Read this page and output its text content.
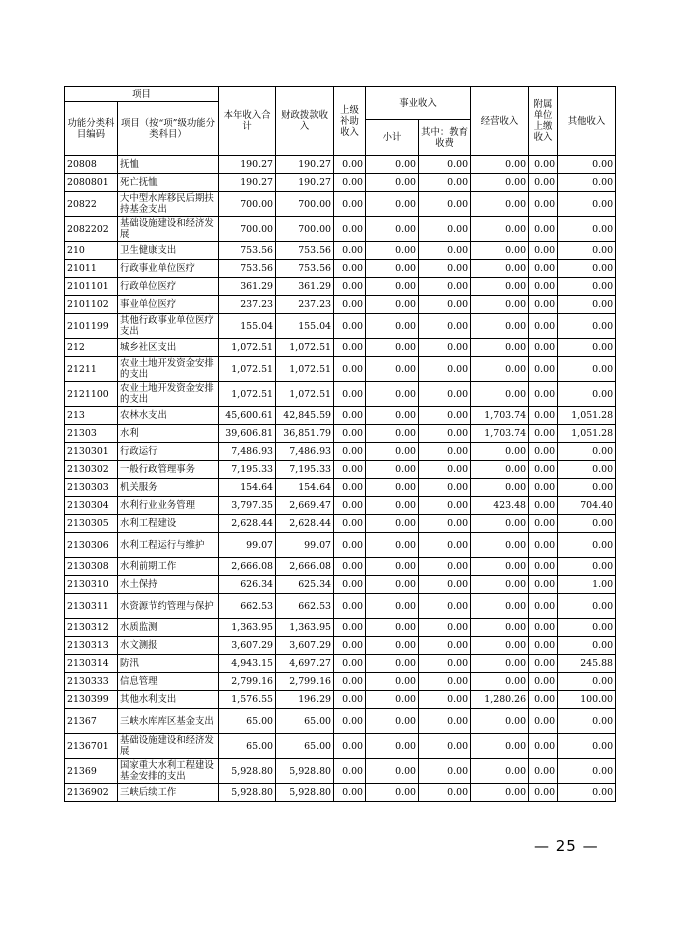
项目		本年收入合计	财政拨款收入	上级补助收入	事业收入		经营收入	附属单位上缴收入	其他收入
功能分类科目编码	项目（按“项”级功能分类科目）								
					小计	其中：教育收费			
20808	抚恤	190.27	190.27	0.00	0.00	0.00	0.00	0.00	0.00
2080801	死亡抚恤	190.27	190.27	0.00	0.00	0.00	0.00	0.00	0.00
20822	大中型水库移民后期扶持基金支出	700.00	700.00	0.00	0.00	0.00	0.00	0.00	0.00
2082202	基础设施建设和经济发展	700.00	700.00	0.00	0.00	0.00	0.00	0.00	0.00
210	卫生健康支出	753.56	753.56	0.00	0.00	0.00	0.00	0.00	0.00
21011	行政事业单位医疗	753.56	753.56	0.00	0.00	0.00	0.00	0.00	0.00
2101101	行政单位医疗	361.29	361.29	0.00	0.00	0.00	0.00	0.00	0.00
2101102	事业单位医疗	237.23	237.23	0.00	0.00	0.00	0.00	0.00	0.00
2101199	其他行政事业单位医疗支出	155.04	155.04	0.00	0.00	0.00	0.00	0.00	0.00
212	城乡社区支出	1,072.51	1,072.51	0.00	0.00	0.00	0.00	0.00	0.00
21211	农业土地开发资金安排的支出	1,072.51	1,072.51	0.00	0.00	0.00	0.00	0.00	0.00
2121100	农业土地开发资金安排的支出	1,072.51	1,072.51	0.00	0.00	0.00	0.00	0.00	0.00
213	农林水支出	45,600.61	42,845.59	0.00	0.00	0.00	1,703.74	0.00	1,051.28
21303	水利	39,606.81	36,851.79	0.00	0.00	0.00	1,703.74	0.00	1,051.28
2130301	行政运行	7,486.93	7,486.93	0.00	0.00	0.00	0.00	0.00	0.00
2130302	一般行政管理事务	7,195.33	7,195.33	0.00	0.00	0.00	0.00	0.00	0.00
2130303	机关服务	154.64	154.64	0.00	0.00	0.00	0.00	0.00	0.00
2130304	水利行业业务管理	3,797.35	2,669.47	0.00	0.00	0.00	423.48	0.00	704.40
2130305	水利工程建设	2,628.44	2,628.44	0.00	0.00	0.00	0.00	0.00	0.00
2130306	水利工程运行与维护	99.07	99.07	0.00	0.00	0.00	0.00	0.00	0.00
2130308	水利前期工作	2,666.08	2,666.08	0.00	0.00	0.00	0.00	0.00	0.00
2130310	水土保持	626.34	625.34	0.00	0.00	0.00	0.00	0.00	1.00
2130311	水资源节约管理与保护	662.53	662.53	0.00	0.00	0.00	0.00	0.00	0.00
2130312	水质监测	1,363.95	1,363.95	0.00	0.00	0.00	0.00	0.00	0.00
2130313	水文测报	3,607.29	3,607.29	0.00	0.00	0.00	0.00	0.00	0.00
2130314	防汛	4,943.15	4,697.27	0.00	0.00	0.00	0.00	0.00	245.88
2130333	信息管理	2,799.16	2,799.16	0.00	0.00	0.00	0.00	0.00	0.00
2130399	其他水利支出	1,576.55	196.29	0.00	0.00	0.00	1,280.26	0.00	100.00
21367	三峡水库库区基金支出	65.00	65.00	0.00	0.00	0.00	0.00	0.00	0.00
2136701	基础设施建设和经济发展	65.00	65.00	0.00	0.00	0.00	0.00	0.00	0.00
21369	国家重大水利工程建设基金安排的支出	5,928.80	5,928.80	0.00	0.00	0.00	0.00	0.00	0.00
2136902	三峡后续工作	5,928.80	5,928.80	0.00	0.00	0.00	0.00	0.00	0.00
— 25 —
